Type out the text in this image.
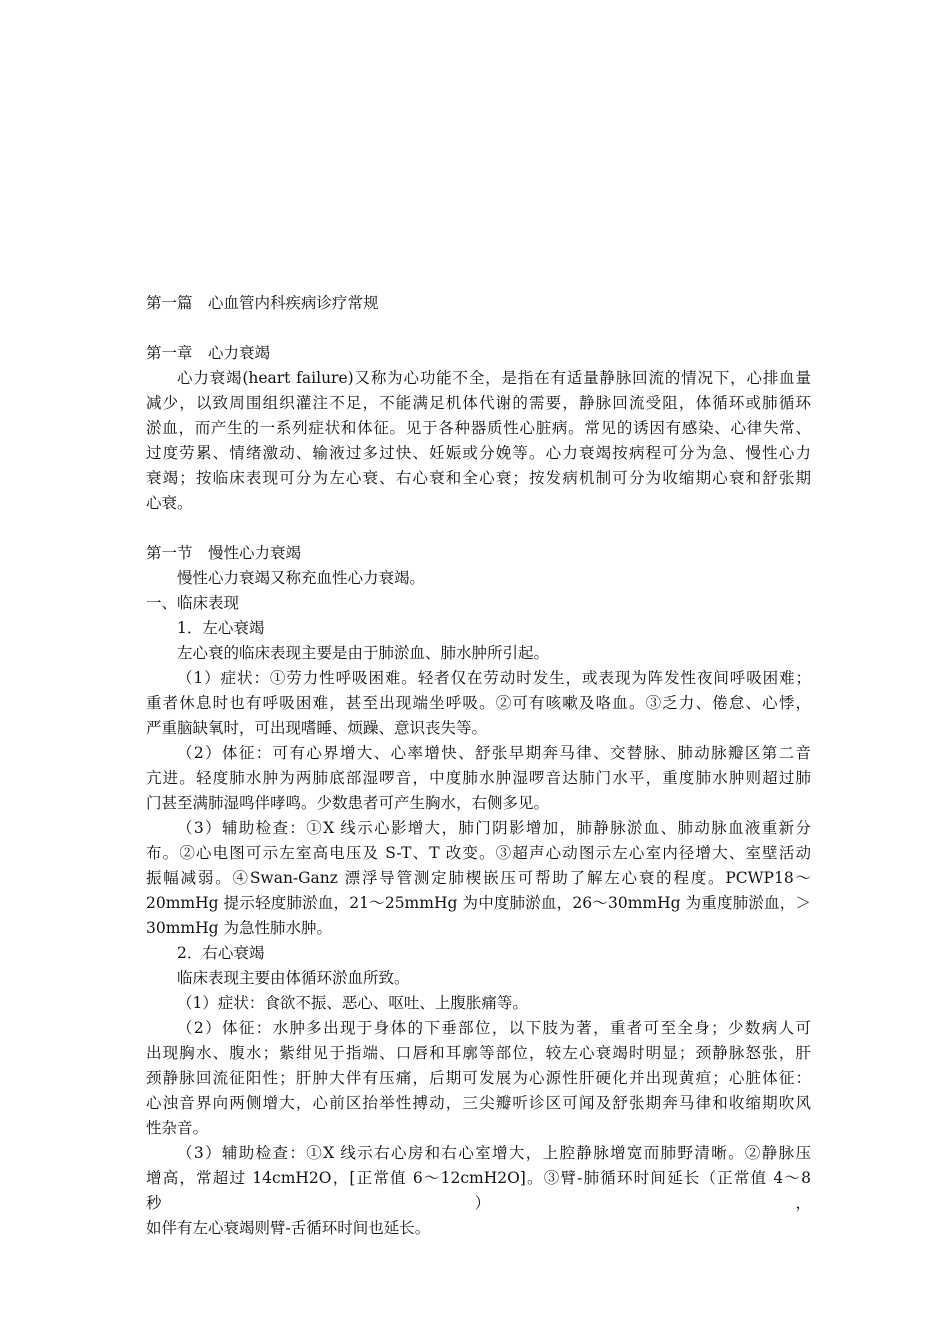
第一篇　心血管内科疾病诊疗常规
第一章　心力衰竭
心力衰竭(heart failure)又称为心功能不全，是指在有适量静脉回流的情况下，心排血量
减少，以致周围组织灌注不足，不能满足机体代谢的需要，静脉回流受阻，体循环或肺循环
淤血，而产生的一系列症状和体征。见于各种器质性心脏病。常见的诱因有感染、心律失常、
过度劳累、情绪激动、输液过多过快、妊娠或分娩等。心力衰竭按病程可分为急、慢性心力
衰竭；按临床表现可分为左心衰、右心衰和全心衰；按发病机制可分为收缩期心衰和舒张期
心衰。
第一节　慢性心力衰竭
慢性心力衰竭又称充血性心力衰竭。
一、临床表现
1．左心衰竭
左心衰的临床表现主要是由于肺淤血、肺水肿所引起。
（1）症状：①劳力性呼吸困难。轻者仅在劳动时发生，或表现为阵发性夜间呼吸困难；
重者休息时也有呼吸困难，甚至出现端坐呼吸。②可有咳嗽及咯血。③乏力、倦怠、心悸，
严重脑缺氧时，可出现嗜睡、烦躁、意识丧失等。
（2）体征：可有心界增大、心率增快、舒张早期奔马律、交替脉、肺动脉瓣区第二音
亢进。轻度肺水肿为两肺底部湿啰音，中度肺水肿湿啰音达肺门水平，重度肺水肿则超过肺
门甚至满肺湿鸣伴哮鸣。少数患者可产生胸水，右侧多见。
（3）辅助检查：①X 线示心影增大，肺门阴影增加，肺静脉淤血、肺动脉血液重新分
布。②心电图可示左室高电压及 S-T、T 改变。③超声心动图示左心室内径增大、室壁活动
振幅减弱。④Swan-Ganz 漂浮导管测定肺楔嵌压可帮助了解左心衰的程度。PCWP18～
20mmHg 提示轻度肺淤血，21～25mmHg 为中度肺淤血，26～30mmHg 为重度肺淤血，＞
30mmHg 为急性肺水肿。
2．右心衰竭
临床表现主要由体循环淤血所致。
（1）症状：食欲不振、恶心、呕吐、上腹胀痛等。
（2）体征：水肿多出现于身体的下垂部位，以下肢为著，重者可至全身；少数病人可
出现胸水、腹水；紫绀见于指端、口唇和耳廓等部位，较左心衰竭时明显；颈静脉怒张，肝
颈静脉回流征阳性；肝肿大伴有压痛，后期可发展为心源性肝硬化并出现黄疸；心脏体征：
心浊音界向两侧增大，心前区抬举性搏动，三尖瓣听诊区可闻及舒张期奔马律和收缩期吹风
性杂音。
（3）辅助检查：①X 线示右心房和右心室增大，上腔静脉增宽而肺野清晰。②静脉压
增高，常超过 14cmH2O，[正常值 6～12cmH2O]。③臂-肺循环时间延长（正常值 4～8 秒），
如伴有左心衰竭则臂-舌循环时间也延长。
